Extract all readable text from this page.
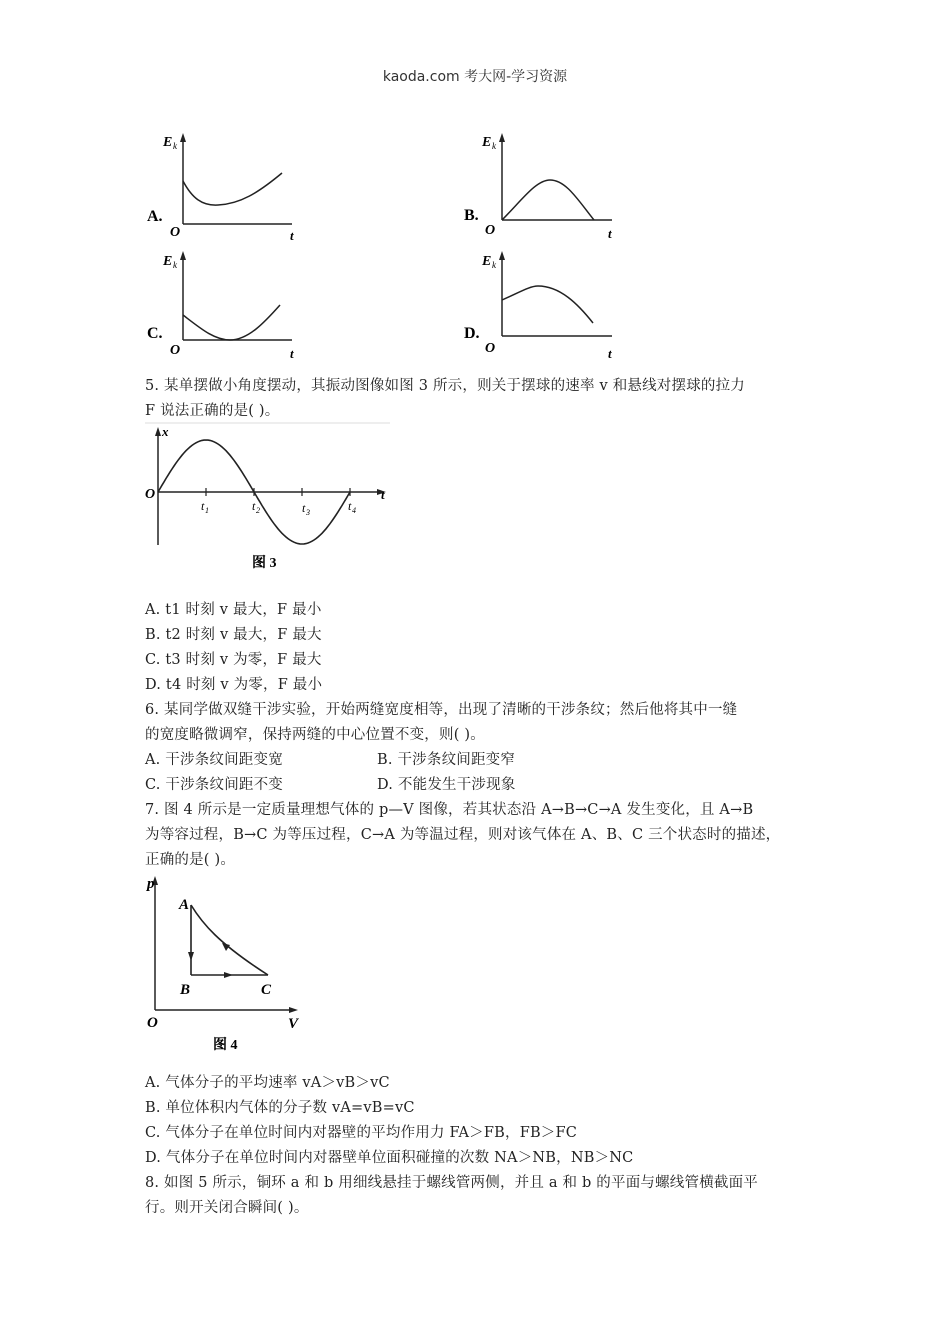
kaoda.com 考大网-学习资源
E k
O	t
A.
E k
O	t
B.
E k
O	t
C.
E k
O	t
D.
5. 某单摆做小角度摆动，其振动图像如图 3 所示，则关于摆球的速率 v 和悬线对摆球的拉力
F 说法正确的是( )。
x
t
O
t 1	t 2	t 3	t 4
图 3
A. t1 时刻 v 最大，F 最小
B. t2 时刻 v 最大，F 最大
C. t3 时刻 v 为零，F 最大
D. t4 时刻 v 为零，F 最小
6. 某同学做双缝干涉实验，开始两缝宽度相等，出现了清晰的干涉条纹；然后他将其中一缝
的宽度略微调窄，保持两缝的中心位置不变，则( )。
A. 干涉条纹间距变宽	B. 干涉条纹间距变窄
C. 干涉条纹间距不变	D. 不能发生干涉现象
7. 图 4 所示是一定质量理想气体的 p—V 图像，若其状态沿 A→B→C→A 发生变化，且 A→B
为等容过程，B→C 为等压过程，C→A 为等温过程，则对该气体在 A、B、C 三个状态时的描述，
正确的是( )。
p
V
O
A
B	C
图 4
A. 气体分子的平均速率 vA＞vB＞vC
B. 单位体积内气体的分子数 vA=vB=vC
C. 气体分子在单位时间内对器壁的平均作用力 FA＞FB，FB＞FC
D. 气体分子在单位时间内对器壁单位面积碰撞的次数 NA＞NB，NB＞NC
8. 如图 5 所示，铜环 a 和 b 用细线悬挂于螺线管两侧，并且 a 和 b 的平面与螺线管横截面平
行。则开关闭合瞬间( )。
